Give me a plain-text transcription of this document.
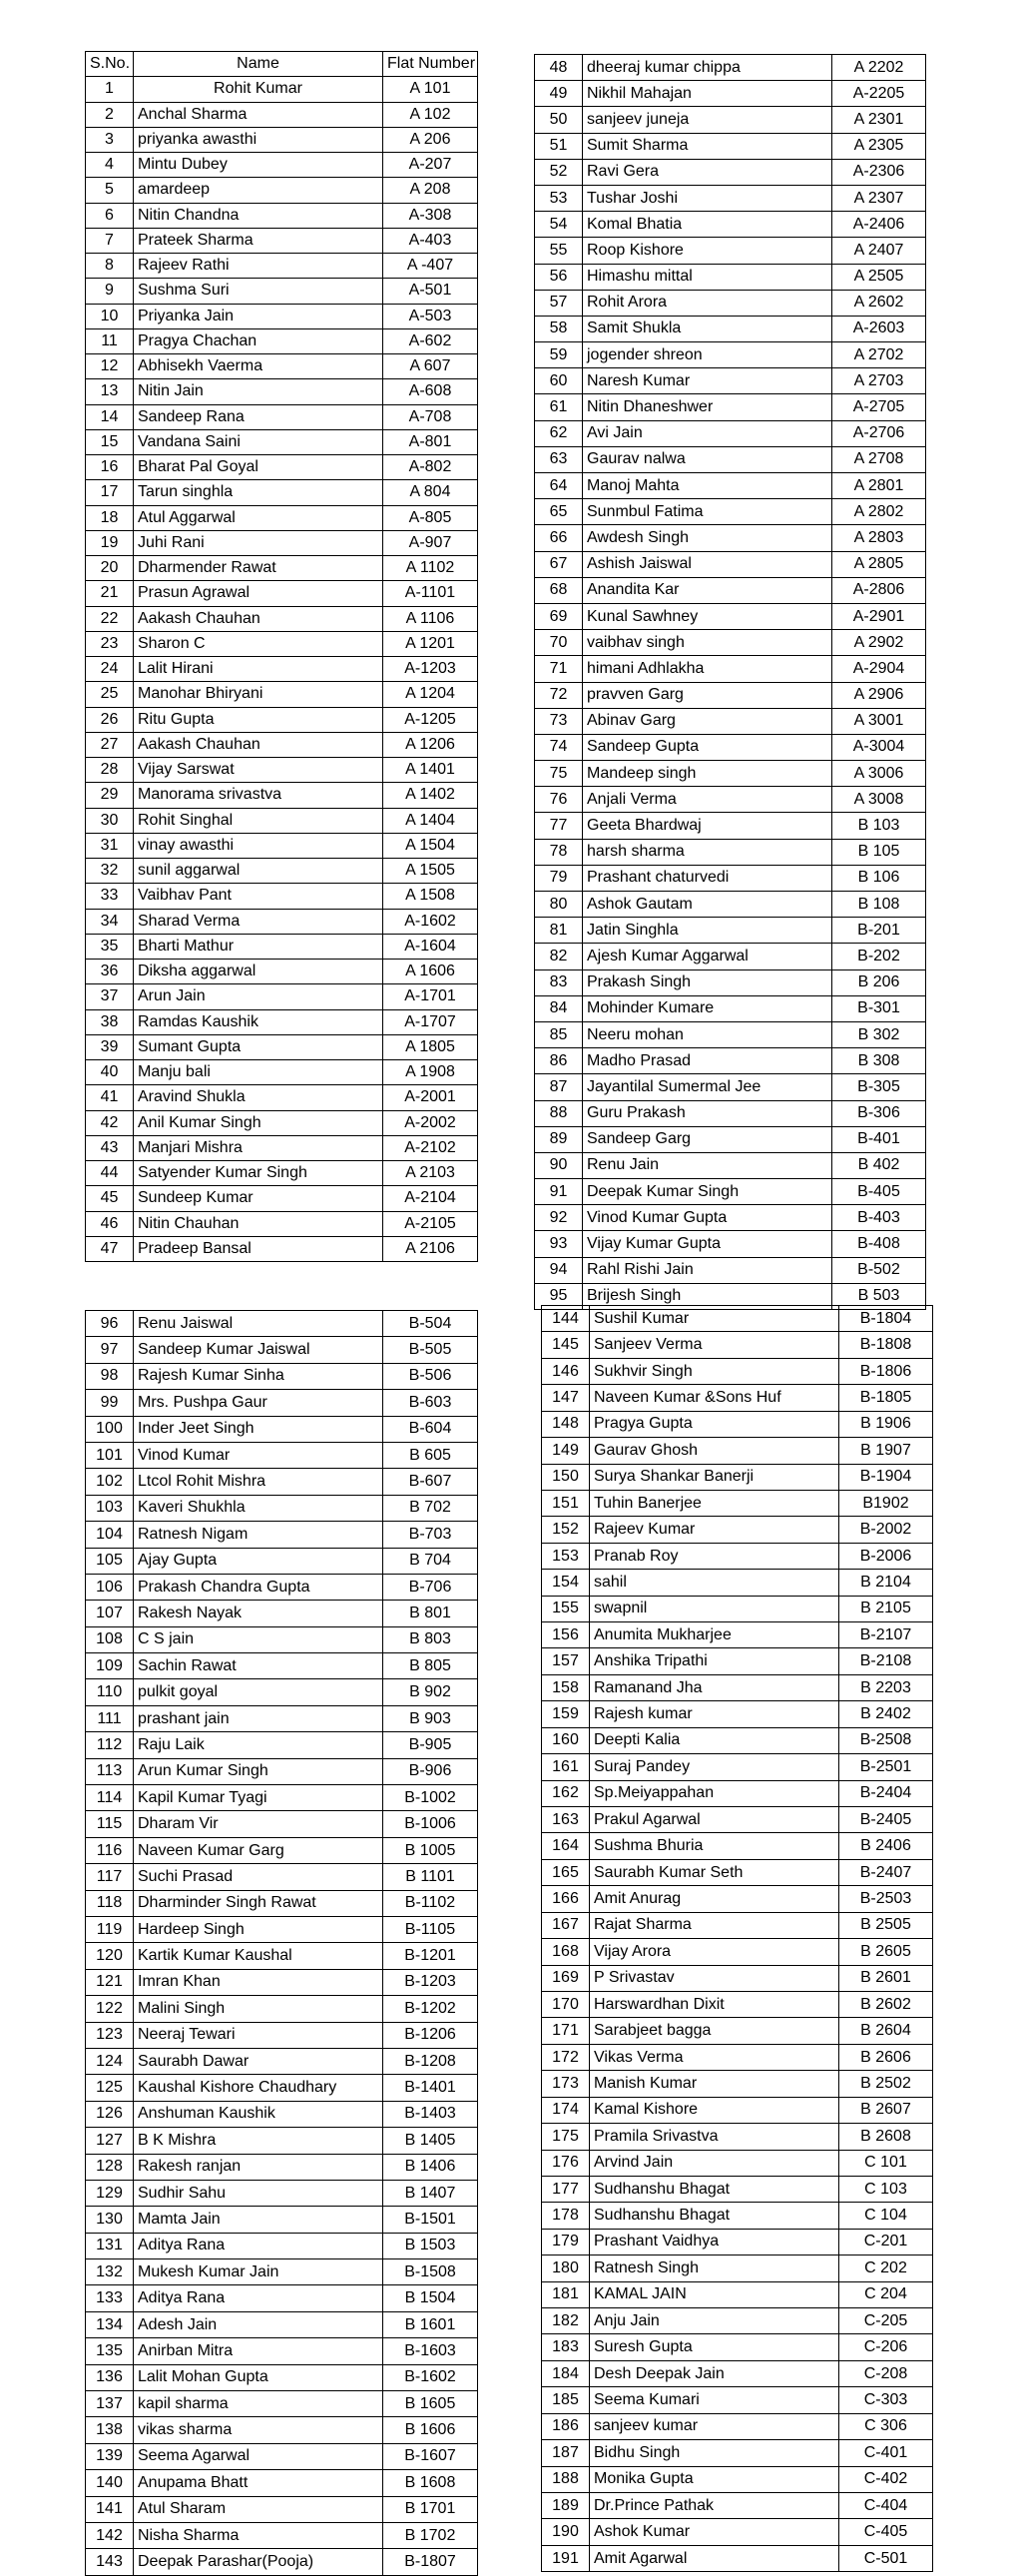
S.No.	Name	Flat Number
1	Rohit Kumar	A 101
2	Anchal Sharma	A 102
3	priyanka awasthi	A 206
4	Mintu Dubey	A-207
5	amardeep	A 208
6	Nitin Chandna	A-308
7	Prateek Sharma	A-403
8	Rajeev Rathi	A -407
9	Sushma Suri	A-501
10	Priyanka Jain	A-503
11	Pragya Chachan	A-602
12	Abhisekh Vaerma	A 607
13	Nitin Jain	A-608
14	Sandeep Rana	A-708
15	Vandana Saini	A-801
16	Bharat Pal Goyal	A-802
17	Tarun singhla	A 804
18	Atul Aggarwal	A-805
19	Juhi Rani	A-907
20	Dharmender Rawat	A 1102
21	Prasun Agrawal	A-1101
22	Aakash Chauhan	A 1106
23	Sharon C	A 1201
24	Lalit Hirani	A-1203
25	Manohar Bhiryani	A 1204
26	Ritu Gupta	A-1205
27	Aakash Chauhan	A 1206
28	Vijay Sarswat	A 1401
29	Manorama srivastva	A 1402
30	Rohit Singhal	A 1404
31	vinay awasthi	A 1504
32	sunil aggarwal	A 1505
33	Vaibhav Pant	A 1508
34	Sharad Verma	A-1602
35	Bharti Mathur	A-1604
36	Diksha aggarwal	A 1606
37	Arun Jain	A-1701
38	Ramdas Kaushik	A-1707
39	Sumant Gupta	A 1805
40	Manju bali	A 1908
41	Aravind Shukla	A-2001
42	Anil Kumar Singh	A-2002
43	Manjari Mishra	A-2102
44	Satyender Kumar Singh	A 2103
45	Sundeep Kumar	A-2104
46	Nitin Chauhan	A-2105
47	Pradeep Bansal	A 2106
48	dheeraj kumar chippa	A 2202
49	Nikhil Mahajan	A-2205
50	sanjeev juneja	A 2301
51	Sumit Sharma	A 2305
52	Ravi Gera	A-2306
53	Tushar Joshi	A 2307
54	Komal Bhatia	A-2406
55	Roop Kishore	A 2407
56	Himashu mittal	A 2505
57	Rohit Arora	A 2602
58	Samit Shukla	A-2603
59	jogender shreon	A 2702
60	Naresh Kumar	A 2703
61	Nitin Dhaneshwer	A-2705
62	Avi Jain	A-2706
63	Gaurav nalwa	A 2708
64	Manoj Mahta	A 2801
65	Sunmbul Fatima	A 2802
66	Awdesh Singh	A 2803
67	Ashish Jaiswal	A 2805
68	Anandita Kar	A-2806
69	Kunal Sawhney	A-2901
70	vaibhav singh	A 2902
71	himani Adhlakha	A-2904
72	pravven Garg	A 2906
73	Abinav Garg	A 3001
74	Sandeep Gupta	A-3004
75	Mandeep singh	A 3006
76	Anjali Verma	A 3008
77	Geeta Bhardwaj	B 103
78	harsh sharma	B 105
79	Prashant chaturvedi	B 106
80	Ashok Gautam	B 108
81	Jatin Singhla	B-201
82	Ajesh Kumar Aggarwal	B-202
83	Prakash Singh	B 206
84	Mohinder Kumare	B-301
85	Neeru mohan	B 302
86	Madho Prasad	B 308
87	Jayantilal Sumermal Jee	B-305
88	Guru Prakash	B-306
89	Sandeep Garg	B-401
90	Renu Jain	B 402
91	Deepak Kumar Singh	B-405
92	Vinod Kumar Gupta	B-403
93	Vijay Kumar Gupta	B-408
94	Rahl Rishi Jain	B-502
95	Brijesh Singh	B 503
96	Renu Jaiswal	B-504
97	Sandeep Kumar Jaiswal	B-505
98	Rajesh Kumar Sinha	B-506
99	Mrs. Pushpa Gaur	B-603
100	Inder Jeet Singh	B-604
101	Vinod Kumar	B 605
102	Ltcol Rohit Mishra	B-607
103	Kaveri Shukhla	B 702
104	Ratnesh Nigam	B-703
105	Ajay Gupta	B 704
106	Prakash Chandra Gupta	B-706
107	Rakesh Nayak	B 801
108	C S jain	B 803
109	Sachin Rawat	B 805
110	pulkit goyal	B 902
111	prashant jain	B 903
112	Raju Laik	B-905
113	Arun Kumar Singh	B-906
114	Kapil Kumar Tyagi	B-1002
115	Dharam Vir	B-1006
116	Naveen Kumar Garg	B 1005
117	Suchi Prasad	B 1101
118	Dharminder Singh Rawat	B-1102
119	Hardeep Singh	B-1105
120	Kartik Kumar Kaushal	B-1201
121	Imran Khan	B-1203
122	Malini Singh	B-1202
123	Neeraj Tewari	B-1206
124	Saurabh Dawar	B-1208
125	Kaushal Kishore Chaudhary	B-1401
126	Anshuman Kaushik	B-1403
127	B K Mishra	B 1405
128	Rakesh ranjan	B 1406
129	Sudhir Sahu	B 1407
130	Mamta Jain	B-1501
131	Aditya Rana	B 1503
132	Mukesh Kumar Jain	B-1508
133	Aditya Rana	B 1504
134	Adesh Jain	B 1601
135	Anirban Mitra	B-1603
136	Lalit Mohan Gupta	B-1602
137	kapil sharma	B 1605
138	vikas sharma	B 1606
139	Seema Agarwal	B-1607
140	Anupama Bhatt	B 1608
141	Atul Sharam	B 1701
142	Nisha Sharma	B 1702
143	Deepak Parashar(Pooja)	B-1807
144	Sushil Kumar	B-1804
145	Sanjeev Verma	B-1808
146	Sukhvir Singh	B-1806
147	Naveen Kumar &Sons Huf	B-1805
148	Pragya Gupta	B 1906
149	Gaurav Ghosh	B 1907
150	Surya Shankar Banerji	B-1904
151	Tuhin Banerjee	B1902
152	Rajeev Kumar	B-2002
153	Pranab Roy	B-2006
154	sahil	B 2104
155	swapnil	B 2105
156	Anumita Mukharjee	B-2107
157	Anshika Tripathi	B-2108
158	Ramanand Jha	B 2203
159	Rajesh kumar	B 2402
160	Deepti Kalia	B-2508
161	Suraj Pandey	B-2501
162	Sp.Meiyappahan	B-2404
163	Prakul Agarwal	B-2405
164	Sushma Bhuria	B 2406
165	Saurabh Kumar Seth	B-2407
166	Amit Anurag	B-2503
167	Rajat Sharma	B 2505
168	Vijay Arora	B 2605
169	P Srivastav	B 2601
170	Harswardhan Dixit	B 2602
171	Sarabjeet bagga	B 2604
172	Vikas Verma	B 2606
173	Manish Kumar	B 2502
174	Kamal Kishore	B 2607
175	Pramila Srivastva	B 2608
176	Arvind Jain	C 101
177	Sudhanshu Bhagat	C 103
178	Sudhanshu Bhagat	C 104
179	Prashant Vaidhya	C-201
180	Ratnesh Singh	C 202
181	KAMAL JAIN	C 204
182	Anju Jain	C-205
183	Suresh Gupta	C-206
184	Desh Deepak Jain	C-208
185	Seema Kumari	C-303
186	sanjeev kumar	C 306
187	Bidhu Singh	C-401
188	Monika Gupta	C-402
189	Dr.Prince Pathak	C-404
190	Ashok Kumar	C-405
191	Amit Agarwal	C-501
